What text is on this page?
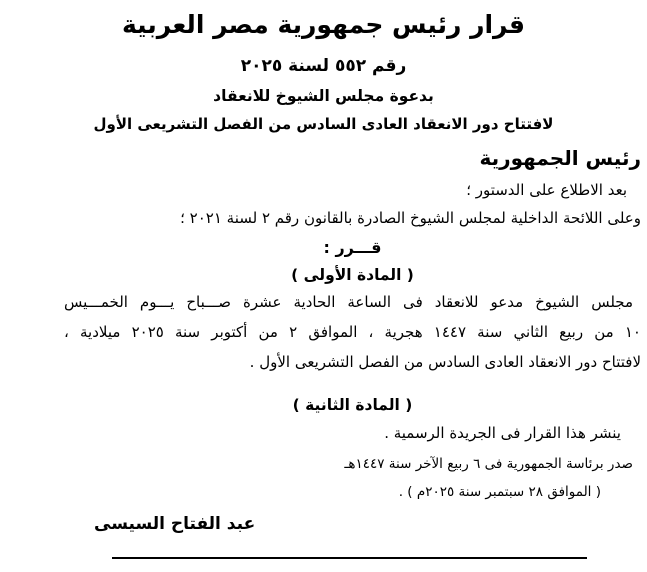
قرار رئيس جمهورية مصر العربية
رقم ٥٥٢ لسنة ٢٠٢٥
بدعوة مجلس الشيوخ للانعقاد
لافتتاح دور الانعقاد العادى السادس من الفصل التشريعى الأول
رئيس الجمهورية
بعد الاطلاع على الدستور ؛
وعلى اللائحة الداخلية لمجلس الشيوخ الصادرة بالقانون رقم ٢ لسنة ٢٠٢١ ؛
قـــرر :
( المادة الأولى )
مجلس الشيوخ مدعو للانعقاد فى الساعة الحادية عشرة صـــباح يـــوم الخمـــيس
١٠ من ربيع الثاني سنة ١٤٤٧ هجرية ، الموافق ٢ من أكتوبر سنة ٢٠٢٥ ميلادية ،
لافتتاح دور الانعقاد العادى السادس من الفصل التشريعى الأول .
( المادة الثانية )
ينشر هذا القرار فى الجريدة الرسمية .
صدر برئاسة الجمهورية فى ٦ ربيع الآخر سنة ١٤٤٧هـ
( الموافق ٢٨ سبتمبر سنة ٢٠٢٥م ) .
عبد الفتاح السيسى
